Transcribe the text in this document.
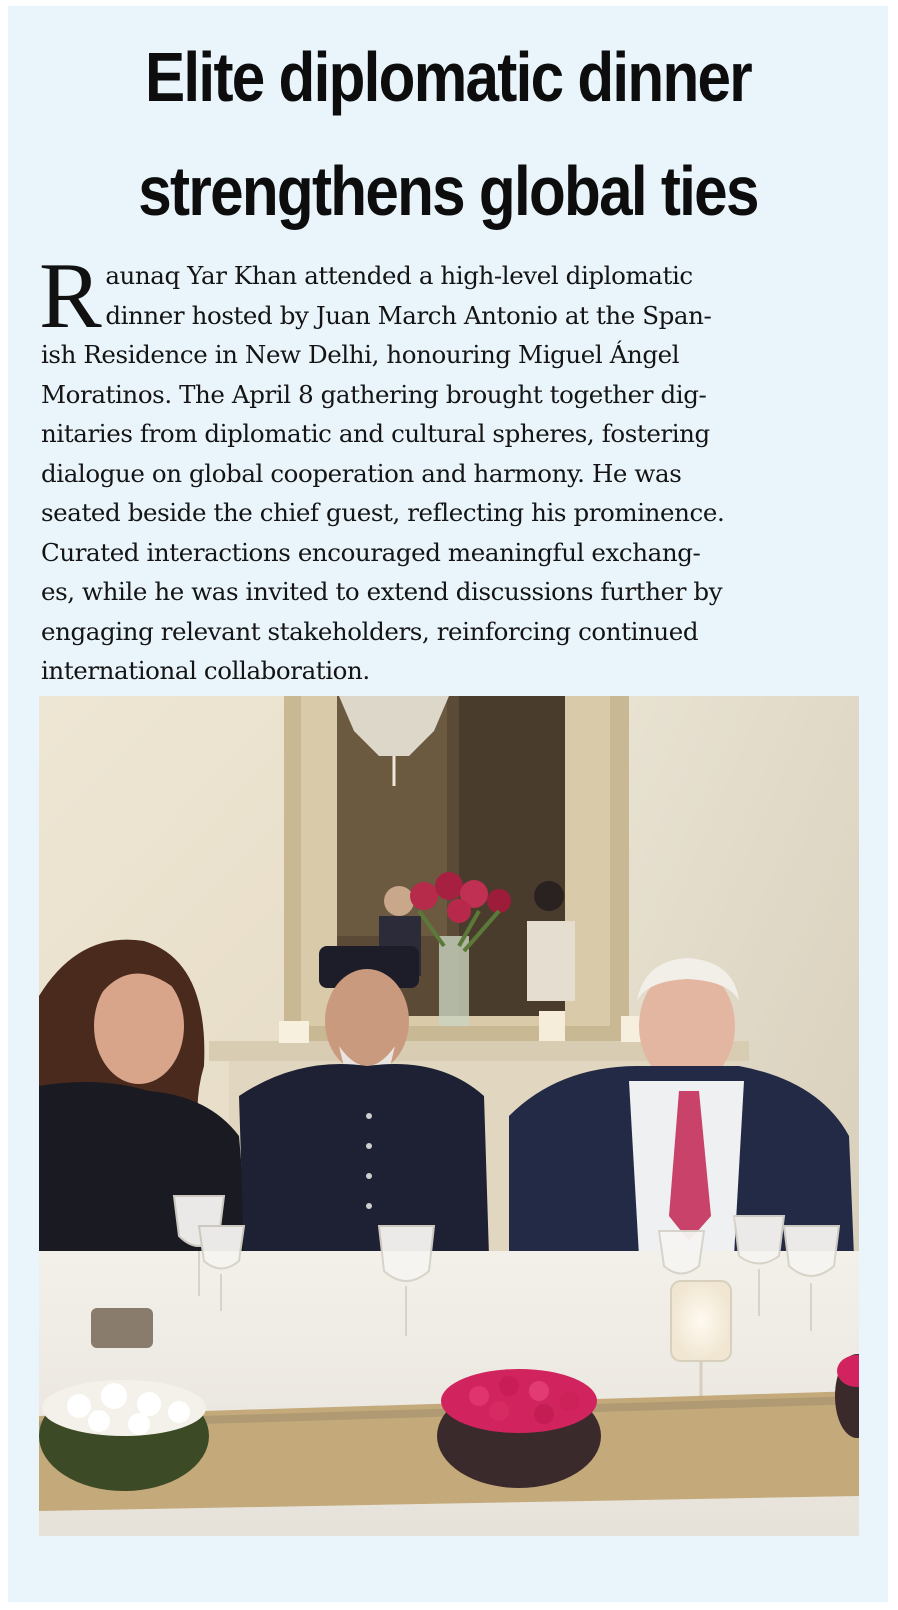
Elite diplomatic dinner
strengthens global ties
R aunaq Yar Khan attended a high-level diplomatic
dinner hosted by Juan March Antonio at the Span-
ish Residence in New Delhi, honouring Miguel Ángel
Moratinos. The April 8 gathering brought together dig-
nitaries from diplomatic and cultural spheres, fostering
dialogue on global cooperation and harmony. He was
seated beside the chief guest, reflecting his prominence.
Curated interactions encouraged meaningful exchang-
es, while he was invited to extend discussions further by
engaging relevant stakeholders, reinforcing continued
international collaboration.
